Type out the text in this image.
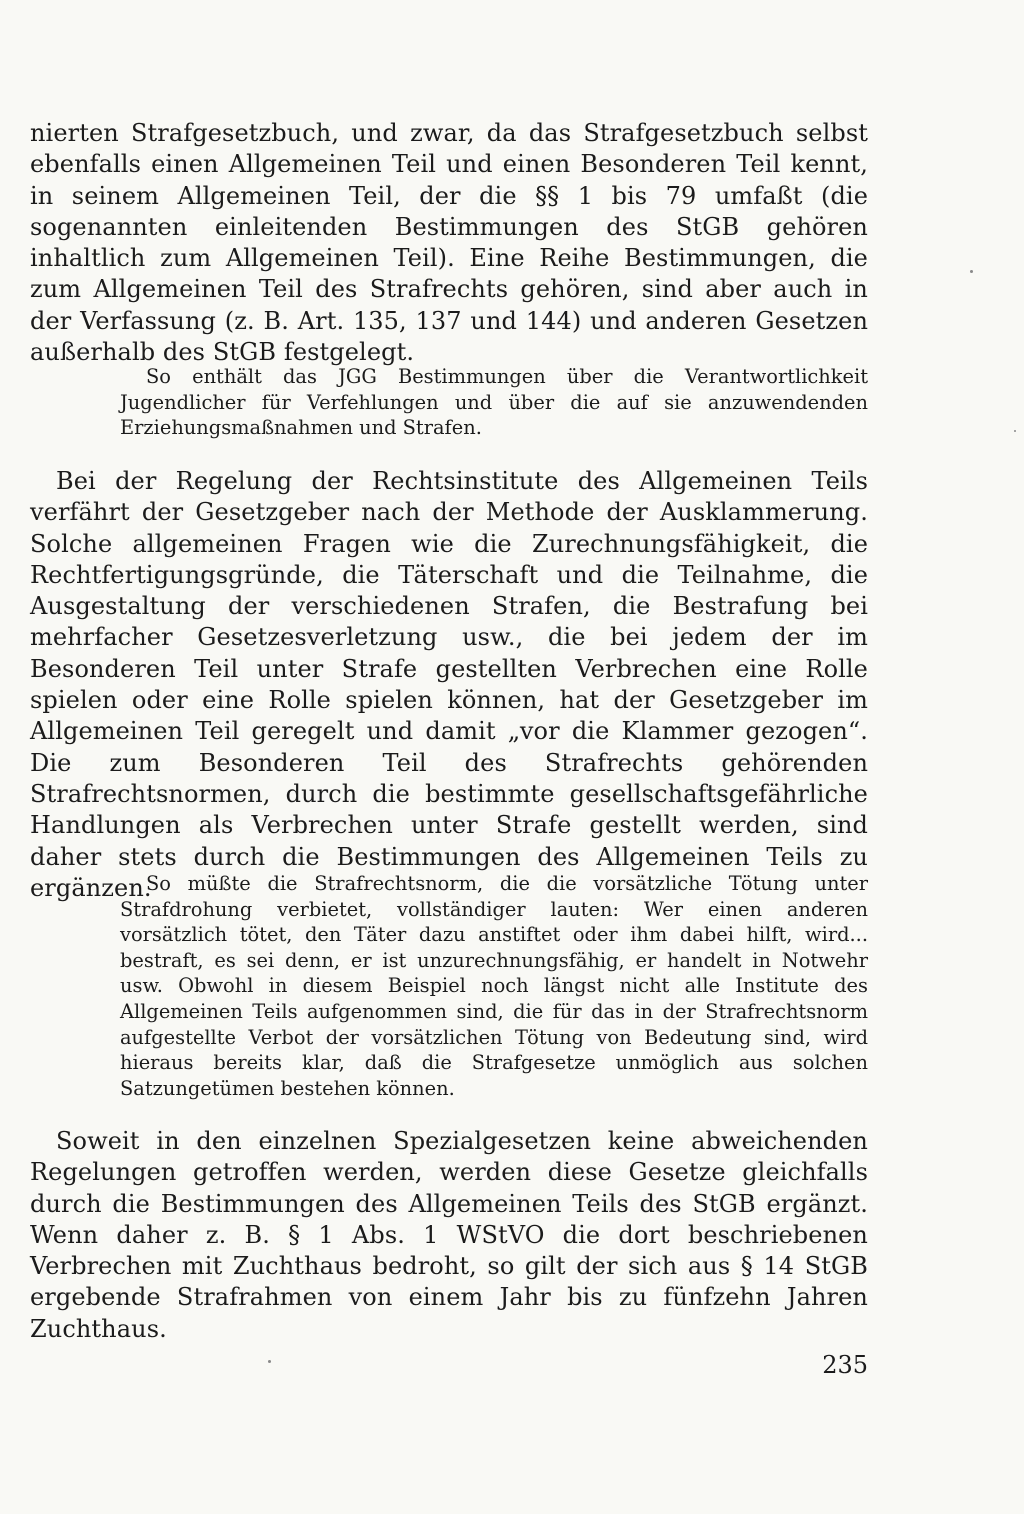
nierten Strafgesetzbuch, und zwar, da das Strafgesetzbuch selbst ebenfalls einen Allgemeinen Teil und einen Besonderen Teil kennt, in seinem Allgemeinen Teil, der die §§ 1 bis 79 umfaßt (die sogenannten einleitenden Bestimmungen des StGB gehören inhaltlich zum Allgemeinen Teil). Eine Reihe Bestimmungen, die zum Allgemeinen Teil des Strafrechts gehören, sind aber auch in der Verfassung (z. B. Art. 135, 137 und 144) und anderen Gesetzen außerhalb des StGB festgelegt.

So enthält das JGG Bestimmungen über die Verantwortlichkeit Jugendlicher für Verfehlungen und über die auf sie anzuwendenden Erziehungsmaßnahmen und Strafen.

Bei der Regelung der Rechtsinstitute des Allgemeinen Teils verfährt der Gesetzgeber nach der Methode der Ausklammerung. Solche allgemeinen Fragen wie die Zurechnungsfähigkeit, die Rechtfertigungsgründe, die Täterschaft und die Teilnahme, die Ausgestaltung der verschiedenen Strafen, die Bestrafung bei mehrfacher Gesetzesverletzung usw., die bei jedem der im Besonderen Teil unter Strafe gestellten Verbrechen eine Rolle spielen oder eine Rolle spielen können, hat der Gesetzgeber im Allgemeinen Teil geregelt und damit „vor die Klammer gezogen“. Die zum Besonderen Teil des Strafrechts gehörenden Strafrechtsnormen, durch die bestimmte gesellschaftsgefährliche Handlungen als Verbrechen unter Strafe gestellt werden, sind daher stets durch die Bestimmungen des Allgemeinen Teils zu ergänzen.

So müßte die Strafrechtsnorm, die die vorsätzliche Tötung unter Strafdrohung verbietet, vollständiger lauten: Wer einen anderen vorsätzlich tötet, den Täter dazu anstiftet oder ihm dabei hilft, wird... bestraft, es sei denn, er ist unzurechnungsfähig, er handelt in Notwehr usw. Obwohl in diesem Beispiel noch längst nicht alle Institute des Allgemeinen Teils aufgenommen sind, die für das in der Strafrechtsnorm aufgestellte Verbot der vorsätzlichen Tötung von Bedeutung sind, wird hieraus bereits klar, daß die Strafgesetze unmöglich aus solchen Satzungetümen bestehen können.

Soweit in den einzelnen Spezialgesetzen keine abweichenden Regelungen getroffen werden, werden diese Gesetze gleichfalls durch die Bestimmungen des Allgemeinen Teils des StGB ergänzt. Wenn daher z. B. § 1 Abs. 1 WStVO die dort beschriebenen Verbrechen mit Zuchthaus bedroht, so gilt der sich aus § 14 StGB ergebende Strafrahmen von einem Jahr bis zu fünfzehn Jahren Zuchthaus.

235
